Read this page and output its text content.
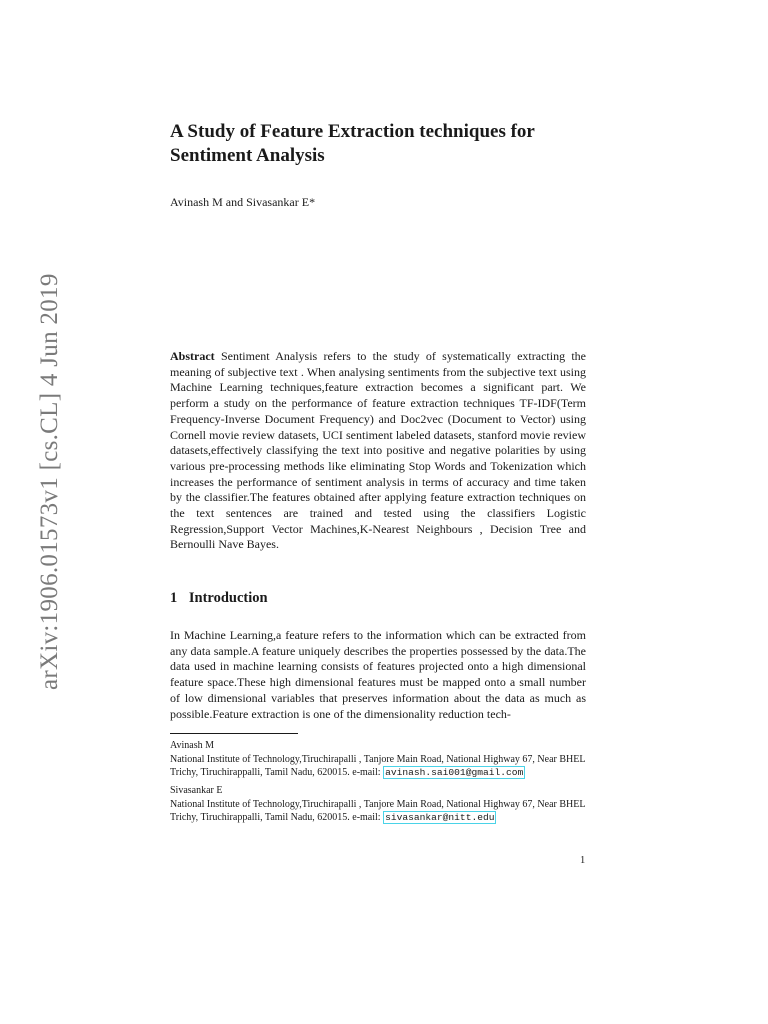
arXiv:1906.01573v1 [cs.CL] 4 Jun 2019
A Study of Feature Extraction techniques for
Sentiment Analysis
Avinash M and Sivasankar E*

Abstract Sentiment Analysis refers to the study of systematically extracting the meaning of subjective text . When analysing sentiments from the subjective text using Machine Learning techniques,feature extraction becomes a significant part. We perform a study on the performance of feature extraction techniques TF-IDF(Term Frequency-Inverse Document Frequency) and Doc2vec (Document to Vector) using Cornell movie review datasets, UCI sentiment labeled datasets, stanford movie review datasets,effectively classifying the text into positive and negative polarities by using various pre-processing methods like eliminating Stop Words and Tokenization which increases the performance of sentiment analysis in terms of accuracy and time taken by the classifier.The features obtained after applying feature extraction techniques on the text sentences are trained and tested using the classifiers Logistic Regression,Support Vector Machines,K-Nearest Neighbours , Decision Tree and Bernoulli Nave Bayes.

1 Introduction

In Machine Learning,a feature refers to the information which can be extracted from any data sample.A feature uniquely describes the properties possessed by the data.The data used in machine learning consists of features projected onto a high dimensional feature space.These high dimensional features must be mapped onto a small number of low dimensional variables that preserves information about the data as much as possible.Feature extraction is one of the dimensionality reduction tech-

Avinash M
National Institute of Technology,Tiruchirapalli , Tanjore Main Road, National Highway 67, Near BHEL Trichy, Tiruchirappalli, Tamil Nadu, 620015. e-mail: avinash.sai001@gmail.com
Sivasankar E
National Institute of Technology,Tiruchirapalli , Tanjore Main Road, National Highway 67, Near BHEL Trichy, Tiruchirappalli, Tamil Nadu, 620015. e-mail: sivasankar@nitt.edu
1
